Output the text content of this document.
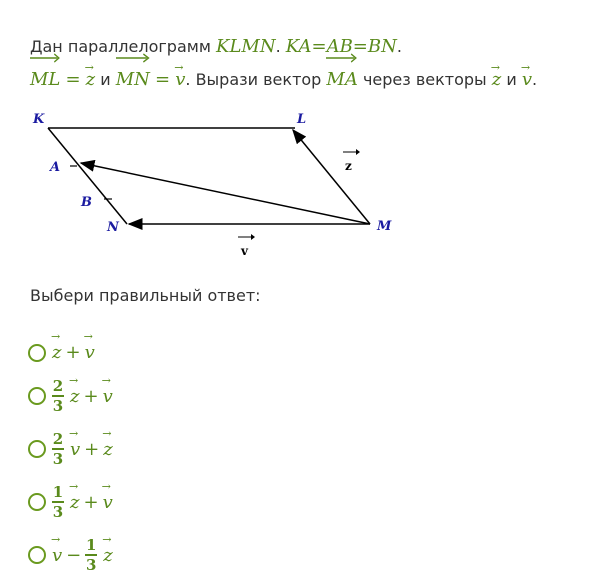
Дан параллелограмм KLMN. KA=AB=BN.
ML = → z и MN = → v. Вырази вектор MA через векторы → z и → v.
K	L
M
N
A
B
z
v
Выбери правильный ответ:
→ z +→ v
$\frac{2}{3}$
→ z +→ v
$\frac{2}{3}$
→ v +→ z
$\frac{1}{3}$
→ z +→ v
→ $v - \frac{1}{3}$
→ z
